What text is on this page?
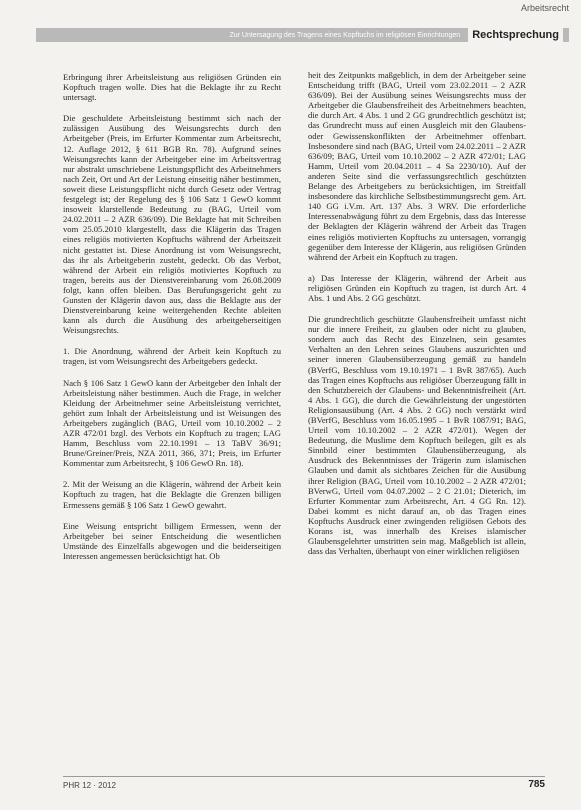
Arbeitsrecht
Zur Untersagung des Tragens eines Kopftuchs im religiösen Einrichtungen	Rechtsprechung

Erbringung ihrer Arbeitsleistung aus religiösen Gründen ein Kopftuch tragen wolle. Dies hat die Beklagte ihr zu Recht untersagt.

Die geschuldete Arbeitsleistung bestimmt sich nach der zulässigen Ausübung des Weisungsrechts durch den Arbeitgeber (Preis, im Erfurter Kommentar zum Arbeitsrecht, 12. Auflage 2012, § 611 BGB Rn. 78). Aufgrund seines Weisungsrechts kann der Arbeitgeber eine im Arbeitsvertrag nur abstrakt umschriebene Leistungspflicht des Arbeitnehmers nach Zeit, Ort und Art der Leistung einseitig näher bestimmen, soweit diese Leistungspflicht nicht durch Gesetz oder Vertrag festgelegt ist; der Regelung des § 106 Satz 1 GewO kommt insoweit klarstellende Bedeutung zu (BAG, Urteil vom 24.02.2011 – 2 AZR 636/09). Die Beklagte hat mit Schreiben vom 25.05.2010 klargestellt, dass die Klägerin das Tragen eines religiös motivierten Kopftuchs während der Arbeitszeit nicht gestattet ist. Diese Anordnung ist vom Weisungsrecht, das ihr als Arbeitgeberin zusteht, gedeckt. Ob das Verbot, während der Arbeit ein religiös motiviertes Kopftuch zu tragen, bereits aus der Dienstvereinbarung vom 26.08.2009 folgt, kann offen bleiben. Das Berufungsgericht geht zu Gunsten der Klägerin davon aus, dass die Beklagte aus der Dienstvereinbarung keine weitergehenden Rechte ableiten kann als durch die Ausübung des arbeitgeberseitigen Weisungsrechts.

1. Die Anordnung, während der Arbeit kein Kopftuch zu tragen, ist vom Weisungsrecht des Arbeitgebers gedeckt.

Nach § 106 Satz 1 GewO kann der Arbeitgeber den Inhalt der Arbeitsleistung näher bestimmen. Auch die Frage, in welcher Kleidung der Arbeitnehmer seine Arbeitsleistung verrichtet, gehört zum Inhalt der Arbeitsleistung und ist Weisungen des Arbeitgebers zugänglich (BAG, Urteil vom 10.10.2002 – 2 AZR 472/01 bzgl. des Verbots ein Kopftuch zu tragen; LAG Hamm, Beschluss vom 22.10.1991 – 13 TaBV 36/91; Brune/Greiner/Preis, NZA 2011, 366, 371; Preis, im Erfurter Kommentar zum Arbeitsrecht, § 106 GewO Rn. 18).

2. Mit der Weisung an die Klägerin, während der Arbeit kein Kopftuch zu tragen, hat die Beklagte die Grenzen billigen Ermessens gemäß § 106 Satz 1 GewO gewahrt.

Eine Weisung entspricht billigem Ermessen, wenn der Arbeitgeber bei seiner Entscheidung die wesentlichen Umstände des Einzelfalls abgewogen und die beiderseitigen Interessen angemessen berücksichtigt hat. Ob

heit des Zeitpunkts maßgeblich, in dem der Arbeitgeber seine Entscheidung trifft (BAG, Urteil vom 23.02.2011 – 2 AZR 636/09). Bei der Ausübung seines Weisungsrechts muss der Arbeitgeber die Glaubensfreiheit des Arbeitnehmers beachten, die durch Art. 4 Abs. 1 und 2 GG grundrechtlich geschützt ist; das Grundrecht muss auf einen Ausgleich mit den Glaubens- oder Gewissenskonflikten der Arbeitnehmer offenbart. Insbesondere sind nach (BAG, Urteil vom 24.02.2011 – 2 AZR 636/09; BAG, Urteil vom 10.10.2002 – 2 AZR 472/01; LAG Hamm, Urteil vom 20.04.2011 – 4 Sa 2230/10). Auf der anderen Seite sind die verfassungsrechtlich geschützten Belange des Arbeitgebers zu berücksichtigen, im Streitfall insbesondere das kirchliche Selbstbestimmungsrecht gem. Art. 140 GG i.V.m. Art. 137 Abs. 3 WRV. Die erforderliche Interessenabwägung führt zu dem Ergebnis, dass das Interesse der Beklagten der Klägerin während der Arbeit das Tragen eines religiös motivierten Kopftuchs zu untersagen, vorrangig gegenüber dem Interesse der Klägerin, aus religiösen Gründen während der Arbeit ein Kopftuch zu tragen.

a) Das Interesse der Klägerin, während der Arbeit aus religiösen Gründen ein Kopftuch zu tragen, ist durch Art. 4 Abs. 1 und Abs. 2 GG geschützt.

Die grundrechtlich geschützte Glaubensfreiheit umfasst nicht nur die innere Freiheit, zu glauben oder nicht zu glauben, sondern auch das Recht des Einzelnen, sein gesamtes Verhalten an den Lehren seines Glaubens auszurichten und seiner inneren Glaubensüberzeugung gemäß zu handeln (BVerfG, Beschluss vom 19.10.1971 – 1 BvR 387/65). Auch das Tragen eines Kopftuchs aus religiöser Überzeugung fällt in den Schutzbereich der Glaubens- und Bekenntnisfreiheit (Art. 4 Abs. 1 GG), die durch die Gewährleistung der ungestörten Religionsausübung (Art. 4 Abs. 2 GG) noch verstärkt wird (BVerfG, Beschluss vom 16.05.1995 – 1 BvR 1087/91; BAG, Urteil vom 10.10.2002 – 2 AZR 472/01). Wegen der Bedeutung, die Muslime dem Kopftuch beilegen, gilt es als Sinnbild einer bestimmten Glaubensüberzeugung, als Ausdruck des Bekenntnisses der Trägerin zum islamischen Glauben und damit als sichtbares Zeichen für die Ausübung ihrer Religion (BAG, Urteil vom 10.10.2002 – 2 AZR 472/01; BVerwG, Urteil vom 04.07.2002 – 2 C 21.01; Dieterich, im Erfurter Kommentar zum Arbeitsrecht, Art. 4 GG Rn. 12). Dabei kommt es nicht darauf an, ob das Tragen eines Kopftuchs Ausdruck einer zwingenden religiösen Gebots des Korans ist, was innerhalb des Kreises islamischer Glaubensgelehrter umstritten sein mag. Maßgeblich ist allein, dass das Verhalten, überhaupt von einer wirklichen religiösen

PHR 12 · 2012	785
